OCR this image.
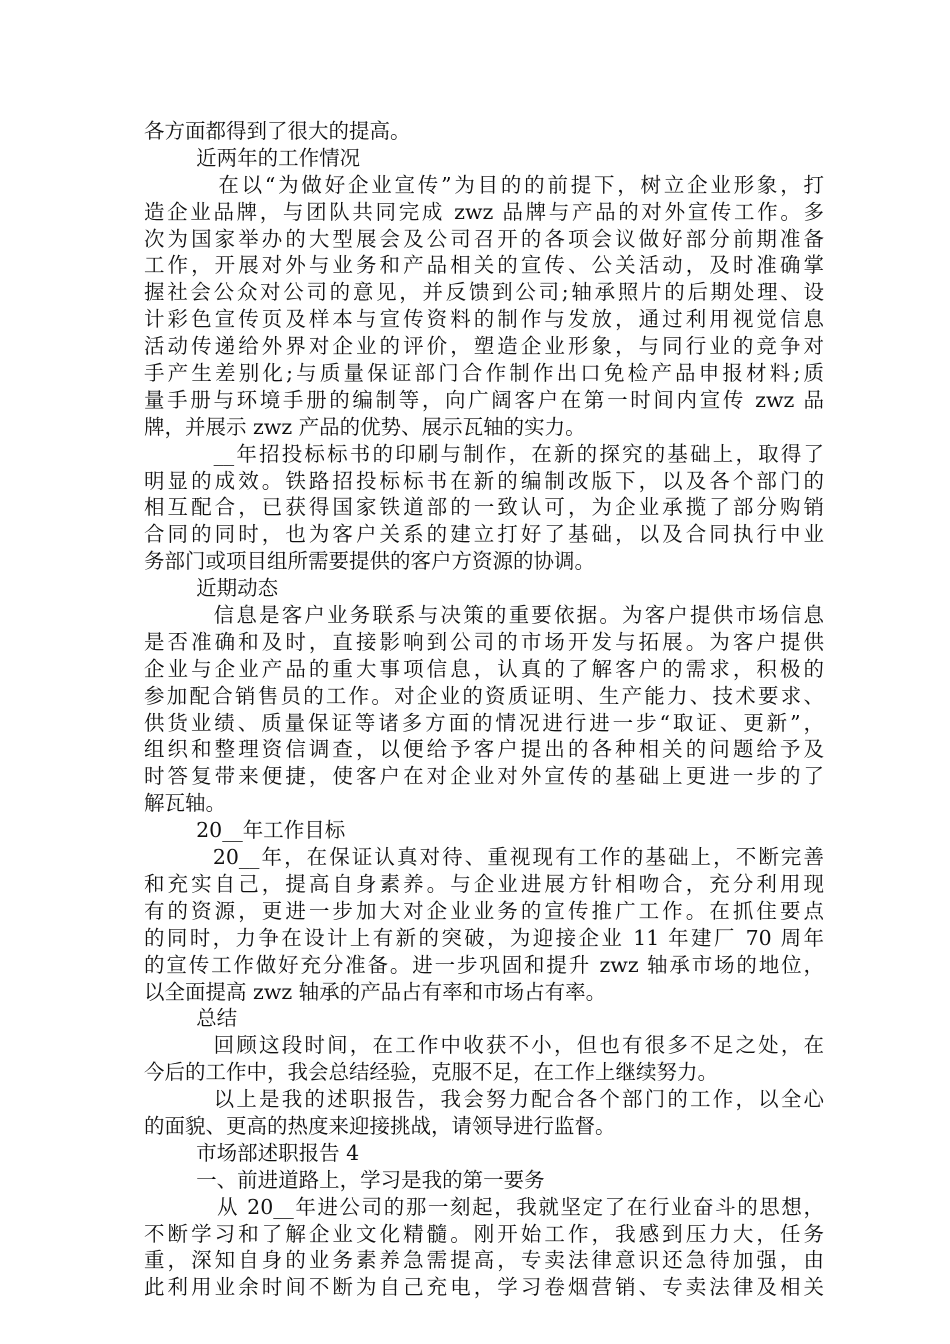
各方面都得到了很大的提高。
近两年的工作情况
在以“为做好企业宣传”为目的的前提下，树立企业形象，打
造企业品牌，与团队共同完成 zwz 品牌与产品的对外宣传工作。多
次为国家举办的大型展会及公司召开的各项会议做好部分前期准备
工作，开展对外与业务和产品相关的宣传、公关活动，及时准确掌
握社会公众对公司的意见，并反馈到公司;轴承照片的后期处理、设
计彩色宣传页及样本与宣传资料的制作与发放，通过利用视觉信息
活动传递给外界对企业的评价，塑造企业形象，与同行业的竞争对
手产生差别化;与质量保证部门合作制作出口免检产品申报材料;质
量手册与环境手册的编制等，向广阔客户在第一时间内宣传 zwz 品
牌，并展示 zwz 产品的优势、展示瓦轴的实力。
__年招投标标书的印刷与制作，在新的探究的基础上，取得了
明显的成效。铁路招投标标书在新的编制改版下，以及各个部门的
相互配合，已获得国家铁道部的一致认可，为企业承揽了部分购销
合同的同时，也为客户关系的建立打好了基础，以及合同执行中业
务部门或项目组所需要提供的客户方资源的协调。
近期动态
信息是客户业务联系与决策的重要依据。为客户提供市场信息
是否准确和及时，直接影响到公司的市场开发与拓展。为客户提供
企业与企业产品的重大事项信息，认真的了解客户的需求，积极的
参加配合销售员的工作。对企业的资质证明、生产能力、技术要求、
供货业绩、质量保证等诸多方面的情况进行进一步“取证、更新”，
组织和整理资信调查，以便给予客户提出的各种相关的问题给予及
时答复带来便捷，使客户在对企业对外宣传的基础上更进一步的了
解瓦轴。
20__年工作目标
20__年，在保证认真对待、重视现有工作的基础上，不断完善
和充实自己，提高自身素养。与企业进展方针相吻合，充分利用现
有的资源，更进一步加大对企业业务的宣传推广工作。在抓住要点
的同时，力争在设计上有新的突破，为迎接企业 11 年建厂 70 周年
的宣传工作做好充分准备。进一步巩固和提升 zwz 轴承市场的地位，
以全面提高 zwz 轴承的产品占有率和市场占有率。
总结
回顾这段时间，在工作中收获不小，但也有很多不足之处，在
今后的工作中，我会总结经验，克服不足，在工作上继续努力。
以上是我的述职报告，我会努力配合各个部门的工作，以全心
的面貌、更高的热度来迎接挑战，请领导进行监督。
市场部述职报告 4
一、前进道路上，学习是我的第一要务
从 20__年进公司的那一刻起，我就坚定了在行业奋斗的思想，
不断学习和了解企业文化精髓。刚开始工作，我感到压力大，任务
重，深知自身的业务素养急需提高，专卖法律意识还急待加强，由
此利用业余时间不断为自己充电，学习卷烟营销、专卖法律及相关
